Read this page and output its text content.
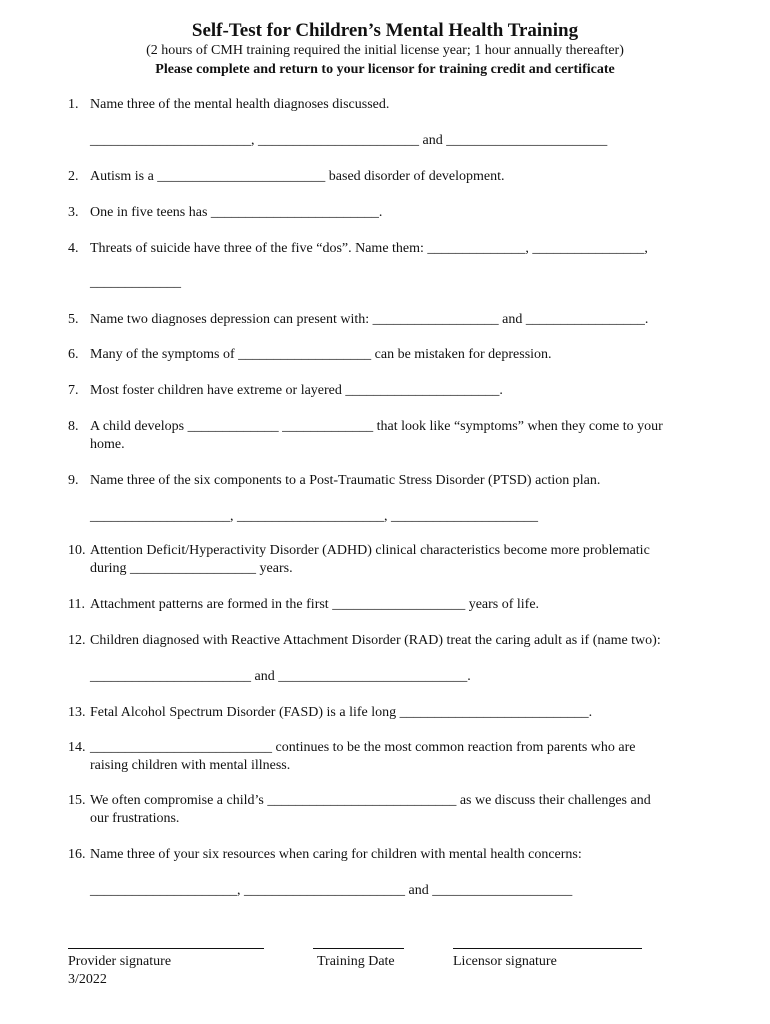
Self-Test for Children’s Mental Health Training
(2 hours of CMH training required the initial license year; 1 hour annually thereafter)
Please complete and return to your licensor for training credit and certificate
1. Name three of the mental health diagnoses discussed.
_______________________, _______________________ and _______________________
2. Autism is a ________________________ based disorder of development.
3. One in five teens has ________________________.
4. Threats of suicide have three of the five “dos”. Name them: ______________, ________________,
_____________
5. Name two diagnoses depression can present with: __________________ and _________________.
6. Many of the symptoms of ___________________ can be mistaken for depression.
7. Most foster children have extreme or layered ______________________.
8. A child develops _____________ _____________ that look like “symptoms” when they come to your
home.
9. Name three of the six components to a Post-Traumatic Stress Disorder (PTSD) action plan.
____________________, _____________________, _____________________
10. Attention Deficit/Hyperactivity Disorder (ADHD) clinical characteristics become more problematic
during __________________ years.
11. Attachment patterns are formed in the first ___________________ years of life.
12. Children diagnosed with Reactive Attachment Disorder (RAD) treat the caring adult as if (name two):
_______________________ and ___________________________.
13. Fetal Alcohol Spectrum Disorder (FASD) is a life long ___________________________.
14. __________________________ continues to be the most common reaction from parents who are
raising children with mental illness.
15. We often compromise a child’s ___________________________ as we discuss their challenges and
our frustrations.
16. Name three of your six resources when caring for children with mental health concerns:
_____________________, _______________________ and ____________________
Provider signature	Training Date	Licensor signature
3/2022
